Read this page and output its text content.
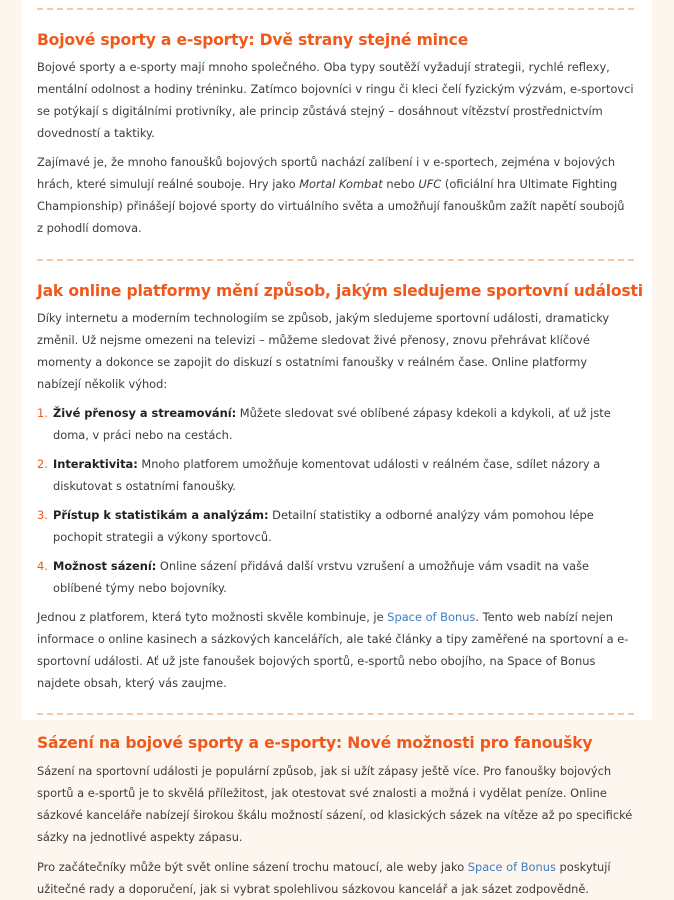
Bojové sporty a e-sporty: Dvě strany stejné mince

Bojové sporty a e-sporty mají mnoho společného. Oba typy soutěží vyžadují strategii, rychlé reflexy, mentální odolnost a hodiny tréninku. Zatímco bojovníci v ringu či kleci čelí fyzickým výzvám, e-sportovci se potýkají s digitálními protivníky, ale princip zůstává stejný – dosáhnout vítězství prostřednictvím dovedností a taktiky.

Zajímavé je, že mnoho fanoušků bojových sportů nachází zalíbení i v e-sportech, zejména v bojových hrách, které simulují reálné souboje. Hry jako Mortal Kombat nebo UFC (oficiální hra Ultimate Fighting Championship) přinášejí bojové sporty do virtuálního světa a umožňují fanouškům zažít napětí soubojů z pohodlí domova.

Jak online platformy mění způsob, jakým sledujeme sportovní události

Díky internetu a moderním technologiím se způsob, jakým sledujeme sportovní události, dramaticky změnil. Už nejsme omezeni na televizi – můžeme sledovat živé přenosy, znovu přehrávat klíčové momenty a dokonce se zapojit do diskuzí s ostatními fanoušky v reálném čase. Online platformy nabízejí několik výhod:

1. Živé přenosy a streamování: Můžete sledovat své oblíbené zápasy kdekoli a kdykoli, ať už jste doma, v práci nebo na cestách.
2. Interaktivita: Mnoho platforem umožňuje komentovat události v reálném čase, sdílet názory a diskutovat s ostatními fanoušky.
3. Přístup k statistikám a analýzám: Detailní statistiky a odborné analýzy vám pomohou lépe pochopit strategii a výkony sportovců.
4. Možnost sázení: Online sázení přidává další vrstvu vzrušení a umožňuje vám vsadit na vaše oblíbené týmy nebo bojovníky.

Jednou z platforem, která tyto možnosti skvěle kombinuje, je Space of Bonus. Tento web nabízí nejen informace o online kasinech a sázkových kancelářích, ale také články a tipy zaměřené na sportovní a e-sportovní události. Ať už jste fanoušek bojových sportů, e-sportů nebo obojího, na Space of Bonus najdete obsah, který vás zaujme.

Sázení na bojové sporty a e-sporty: Nové možnosti pro fanoušky

Sázení na sportovní události je populární způsob, jak si užít zápasy ještě více. Pro fanoušky bojových sportů a e-sportů je to skvělá příležitost, jak otestovat své znalosti a možná i vydělat peníze. Online sázkové kanceláře nabízejí širokou škálu možností sázení, od klasických sázek na vítěze až po specifické sázky na jednotlivé aspekty zápasu.

Pro začátečníky může být svět online sázení trochu matoucí, ale weby jako Space of Bonus poskytují užitečné rady a doporučení, jak si vybrat spolehlivou sázkovou kancelář a jak sázet zodpovědně.
